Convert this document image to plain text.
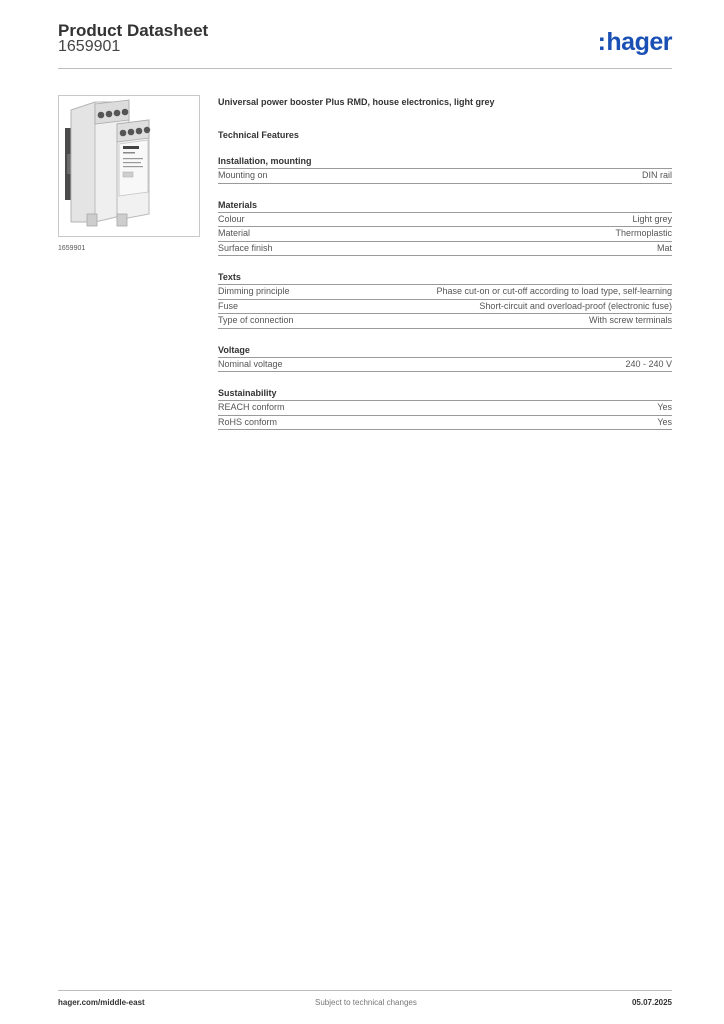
Product Datasheet
1659901	:hager
1659901
Universal power booster Plus RMD, house electronics, light grey
Technical Features
Installation, mounting
Mounting on	DIN rail
Materials
Colour	Light grey
Material	Thermoplastic
Surface finish	Mat
Texts
Dimming principle	Phase cut-on or cut-off according to load type, self-learning
Fuse	Short-circuit and overload-proof (electronic fuse)
Type of connection	With screw terminals
Voltage
Nominal voltage	240 - 240 V
Sustainability
REACH conform	Yes
RoHS conform	Yes
hager.com/middle-east	Subject to technical changes	05.07.2025
